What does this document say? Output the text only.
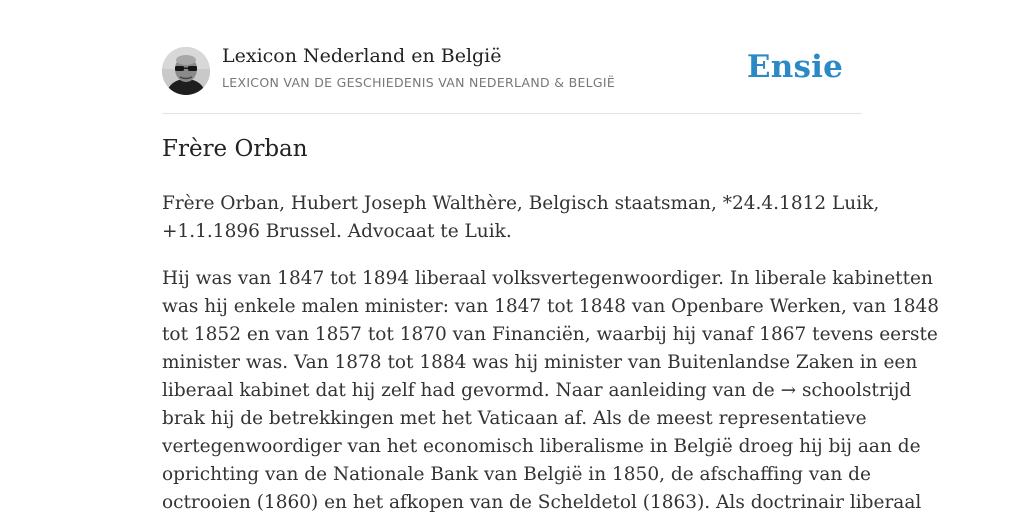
Lexicon Nederland en België
LEXICON VAN DE GESCHIEDENIS VAN NEDERLAND & BELGIË	Ensie
Frère Orban

Frère Orban, Hubert Joseph Walthère, Belgisch staatsman, *24.4.1812 Luik,
+1.1.1896 Brussel. Advocaat te Luik.

Hij was van 1847 tot 1894 liberaal volksvertegenwoordiger. In liberale kabinetten
was hij enkele malen minister: van 1847 tot 1848 van Openbare Werken, van 1848
tot 1852 en van 1857 tot 1870 van Financiën, waarbij hij vanaf 1867 tevens eerste
minister was. Van 1878 tot 1884 was hij minister van Buitenlandse Zaken in een
liberaal kabinet dat hij zelf had gevormd. Naar aanleiding van de → schoolstrijd
brak hij de betrekkingen met het Vaticaan af. Als de meest representatieve
vertegenwoordiger van het economisch liberalisme in België droeg hij bij aan de
oprichting van de Nationale Bank van België in 1850, de afschaffing van de
octrooien (1860) en het afkopen van de Scheldetol (1863). Als doctrinair liberaal
